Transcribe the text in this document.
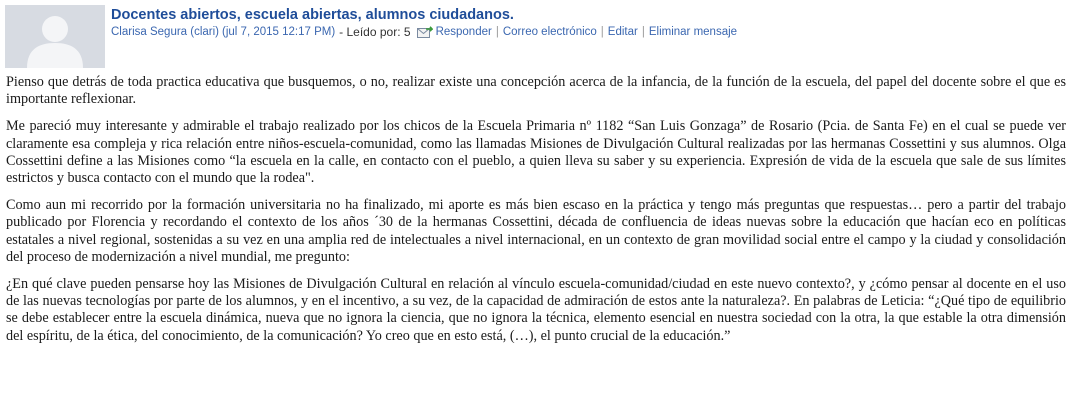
Docentes abiertos, escuela abiertas, alumnos ciudadanos.
Clarisa Segura (clari) (jul 7, 2015 12:17 PM) - Leído por: 5 Responder | Correo electrónico | Editar | Eliminar mensaje

Pienso que detrás de toda practica educativa que busquemos, o no, realizar existe una concepción acerca de la infancia, de la función de la escuela, del papel del docente sobre el que es importante reflexionar.

Me pareció muy interesante y admirable el trabajo realizado por los chicos de la Escuela Primaria nº 1182 “San Luis Gonzaga” de Rosario (Pcia. de Santa Fe) en el cual se puede ver claramente esa compleja y rica relación entre niños-escuela-comunidad, como las llamadas Misiones de Divulgación Cultural realizadas por las hermanas Cossettini y sus alumnos. Olga Cossettini define a las Misiones como “la escuela en la calle, en contacto con el pueblo, a quien lleva su saber y su experiencia. Expresión de vida de la escuela que sale de sus límites estrictos y busca contacto con el mundo que la rodea".

Como aun mi recorrido por la formación universitaria no ha finalizado, mi aporte es más bien escaso en la práctica y tengo más preguntas que respuestas… pero a partir del trabajo publicado por Florencia y recordando el contexto de los años ´30 de la hermanas Cossettini, década de confluencia de ideas nuevas sobre la educación que hacían eco en políticas estatales a nivel regional, sostenidas a su vez en una amplia red de intelectuales a nivel internacional, en un contexto de gran movilidad social entre el campo y la ciudad y consolidación del proceso de modernización a nivel mundial, me pregunto:

¿En qué clave pueden pensarse hoy las Misiones de Divulgación Cultural en relación al vínculo escuela-comunidad/ciudad en este nuevo contexto?, y ¿cómo pensar al docente en el uso de las nuevas tecnologías por parte de los alumnos, y en el incentivo, a su vez, de la capacidad de admiración de estos ante la naturaleza?. En palabras de Leticia: “¿Qué tipo de equilibrio se debe establecer entre la escuela dinámica, nueva que no ignora la ciencia, que no ignora la técnica, elemento esencial en nuestra sociedad con la otra, la que estable la otra dimensión del espíritu, de la ética, del conocimiento, de la comunicación? Yo creo que en esto está, (…), el punto crucial de la educación.”
